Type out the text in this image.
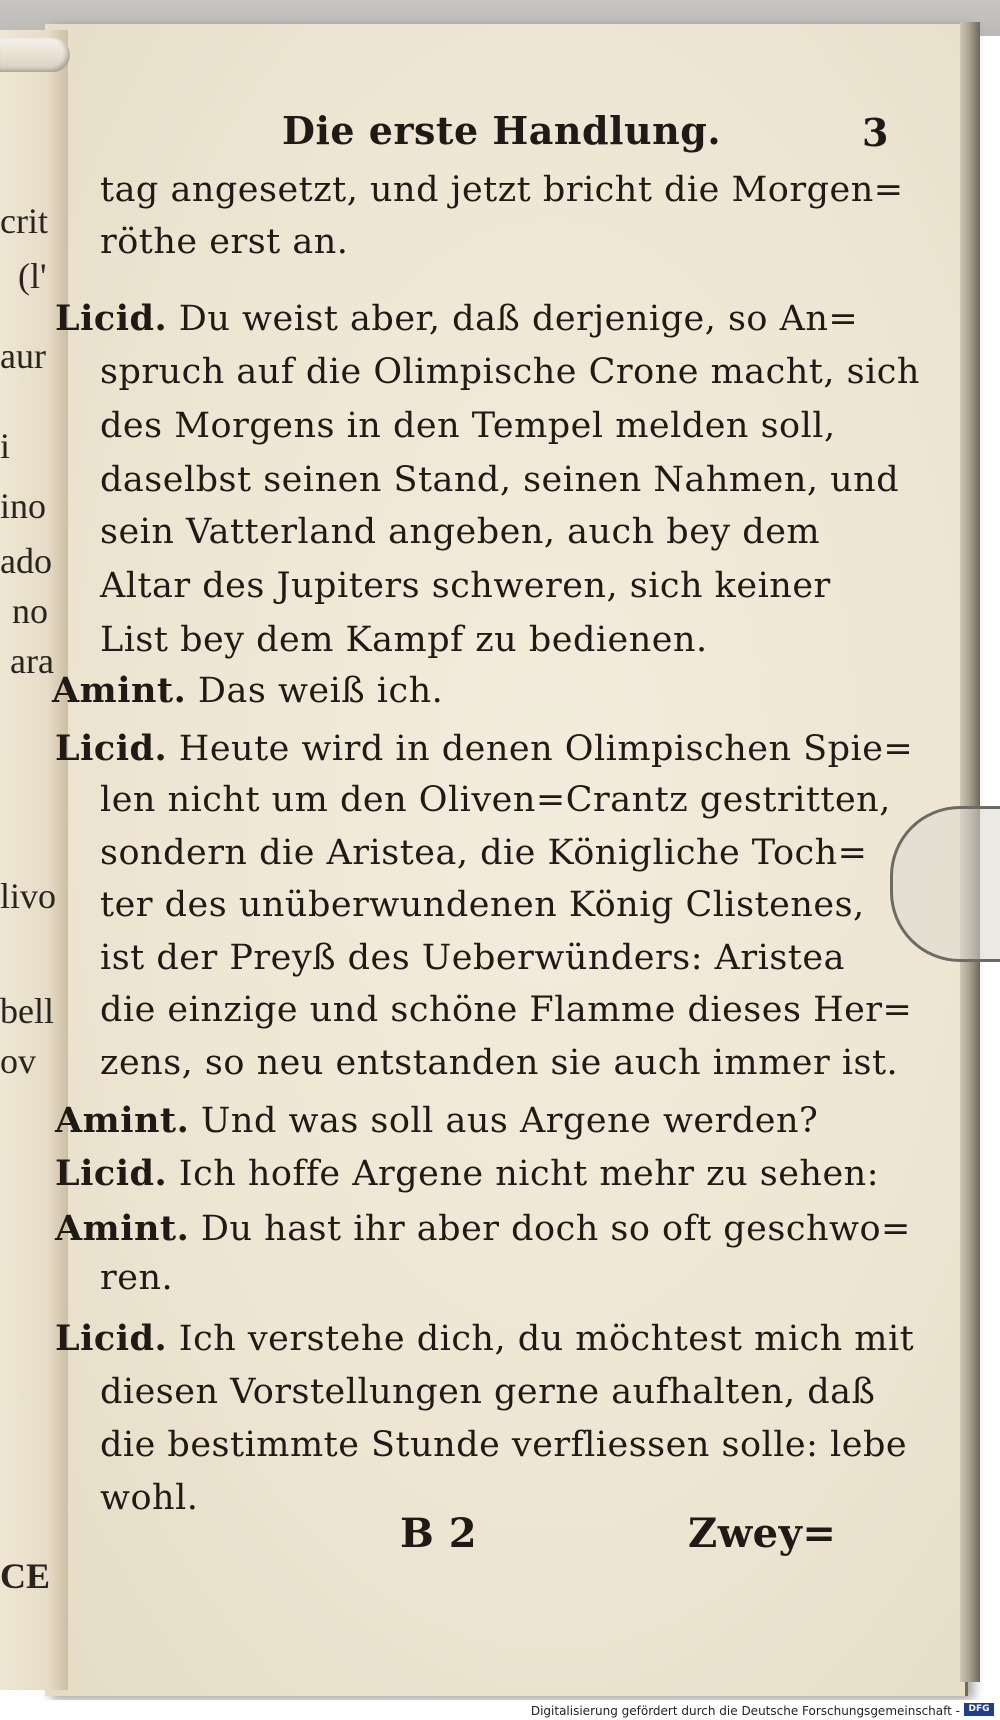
crit
(l'
aur
i
ino
ado
no
ara
livo
bell
ov
CE
Die erste Handlung.	3
tag angesetzt, und jetzt bricht die Morgen=
röthe erst an.
Licid. Du weist aber, daß derjenige, so An=
spruch auf die Olimpische Crone macht, sich
des Morgens in den Tempel melden soll,
daselbst seinen Stand, seinen Nahmen, und
sein Vatterland angeben, auch bey dem
Altar des Jupiters schweren, sich keiner
List bey dem Kampf zu bedienen.
Amint. Das weiß ich.
Licid. Heute wird in denen Olimpischen Spie=
len nicht um den Oliven=Crantz gestritten,
sondern die Aristea, die Königliche Toch=
ter des unüberwundenen König Clistenes,
ist der Preyß des Ueberwünders: Aristea
die einzige und schöne Flamme dieses Her=
zens, so neu entstanden sie auch immer ist.
Amint. Und was soll aus Argene werden?
Licid. Ich hoffe Argene nicht mehr zu sehen:
Amint. Du hast ihr aber doch so oft geschwo=
ren.
Licid. Ich verstehe dich, du möchtest mich mit
diesen Vorstellungen gerne aufhalten, daß
die bestimmte Stunde verfliessen solle: lebe
wohl.
B 2	Zwey=
Digitalisierung gefördert durch die Deutsche Forschungsgemeinschaft - DFG
